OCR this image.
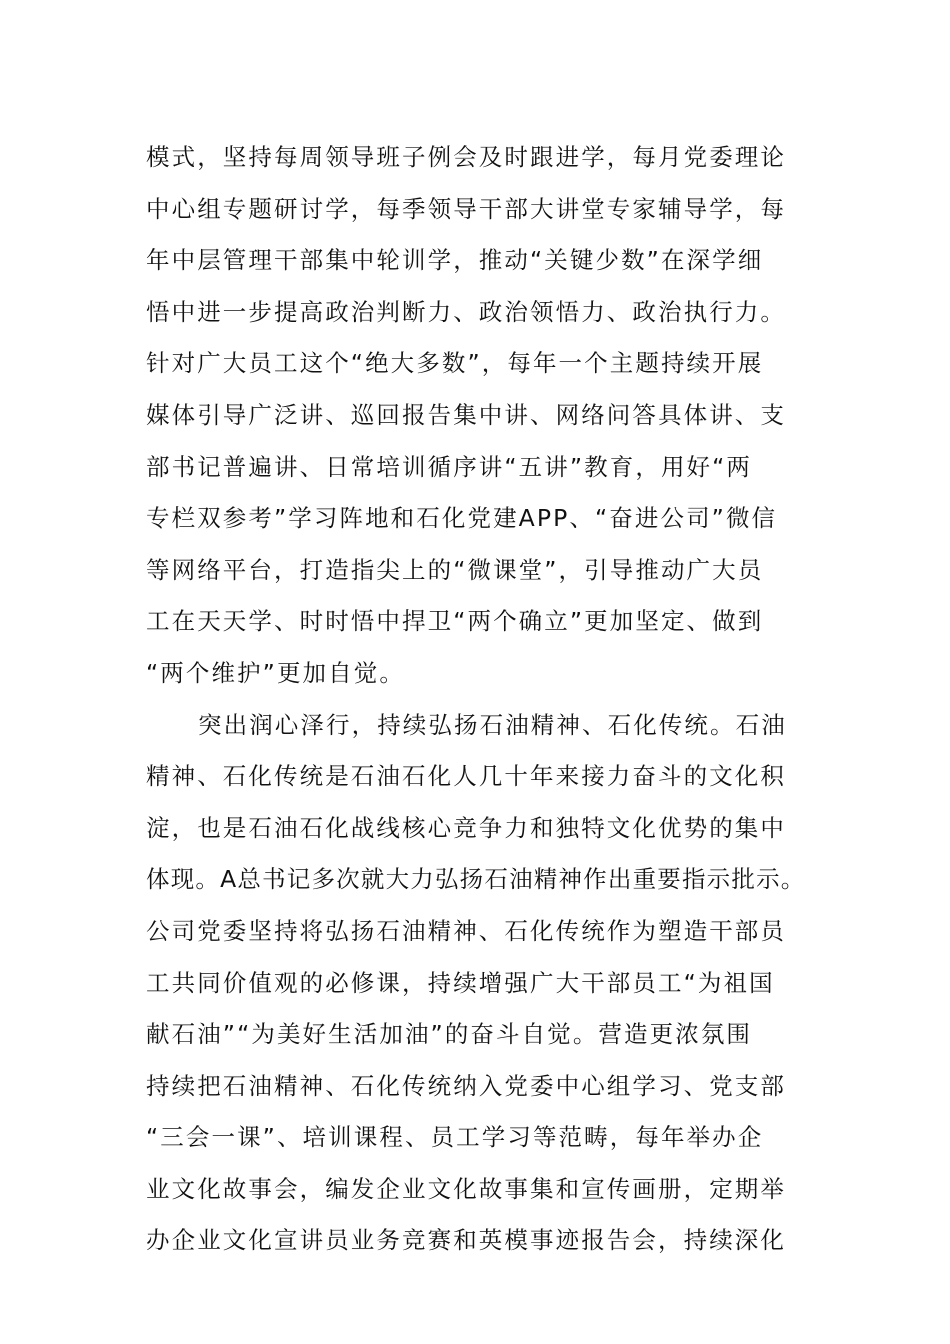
模式，坚持每周领导班子例会及时跟进学，每月党委理论
中心组专题研讨学，每季领导干部大讲堂专家辅导学，每
年中层管理干部集中轮训学，推动“关键少数”在深学细
悟中进一步提高政治判断力、政治领悟力、政治执行力。
针对广大员工这个“绝大多数”，每年一个主题持续开展
媒体引导广泛讲、巡回报告集中讲、网络问答具体讲、支
部书记普遍讲、日常培训循序讲“五讲”教育，用好“两
专栏双参考”学习阵地和石化党建APP、“奋进公司”微信
等网络平台，打造指尖上的“微课堂”，引导推动广大员
工在天天学、时时悟中捍卫“两个确立”更加坚定、做到
“两个维护”更加自觉。
突出润心泽行，持续弘扬石油精神、石化传统。石油
精神、石化传统是石油石化人几十年来接力奋斗的文化积
淀，也是石油石化战线核心竞争力和独特文化优势的集中
体现。A总书记多次就大力弘扬石油精神作出重要指示批示。
公司党委坚持将弘扬石油精神、石化传统作为塑造干部员
工共同价值观的必修课，持续增强广大干部员工“为祖国
献石油”“为美好生活加油”的奋斗自觉。营造更浓氛围
持续把石油精神、石化传统纳入党委中心组学习、党支部
“三会一课”、培训课程、员工学习等范畴，每年举办企
业文化故事会，编发企业文化故事集和宣传画册，定期举
办企业文化宣讲员业务竞赛和英模事迹报告会，持续深化
